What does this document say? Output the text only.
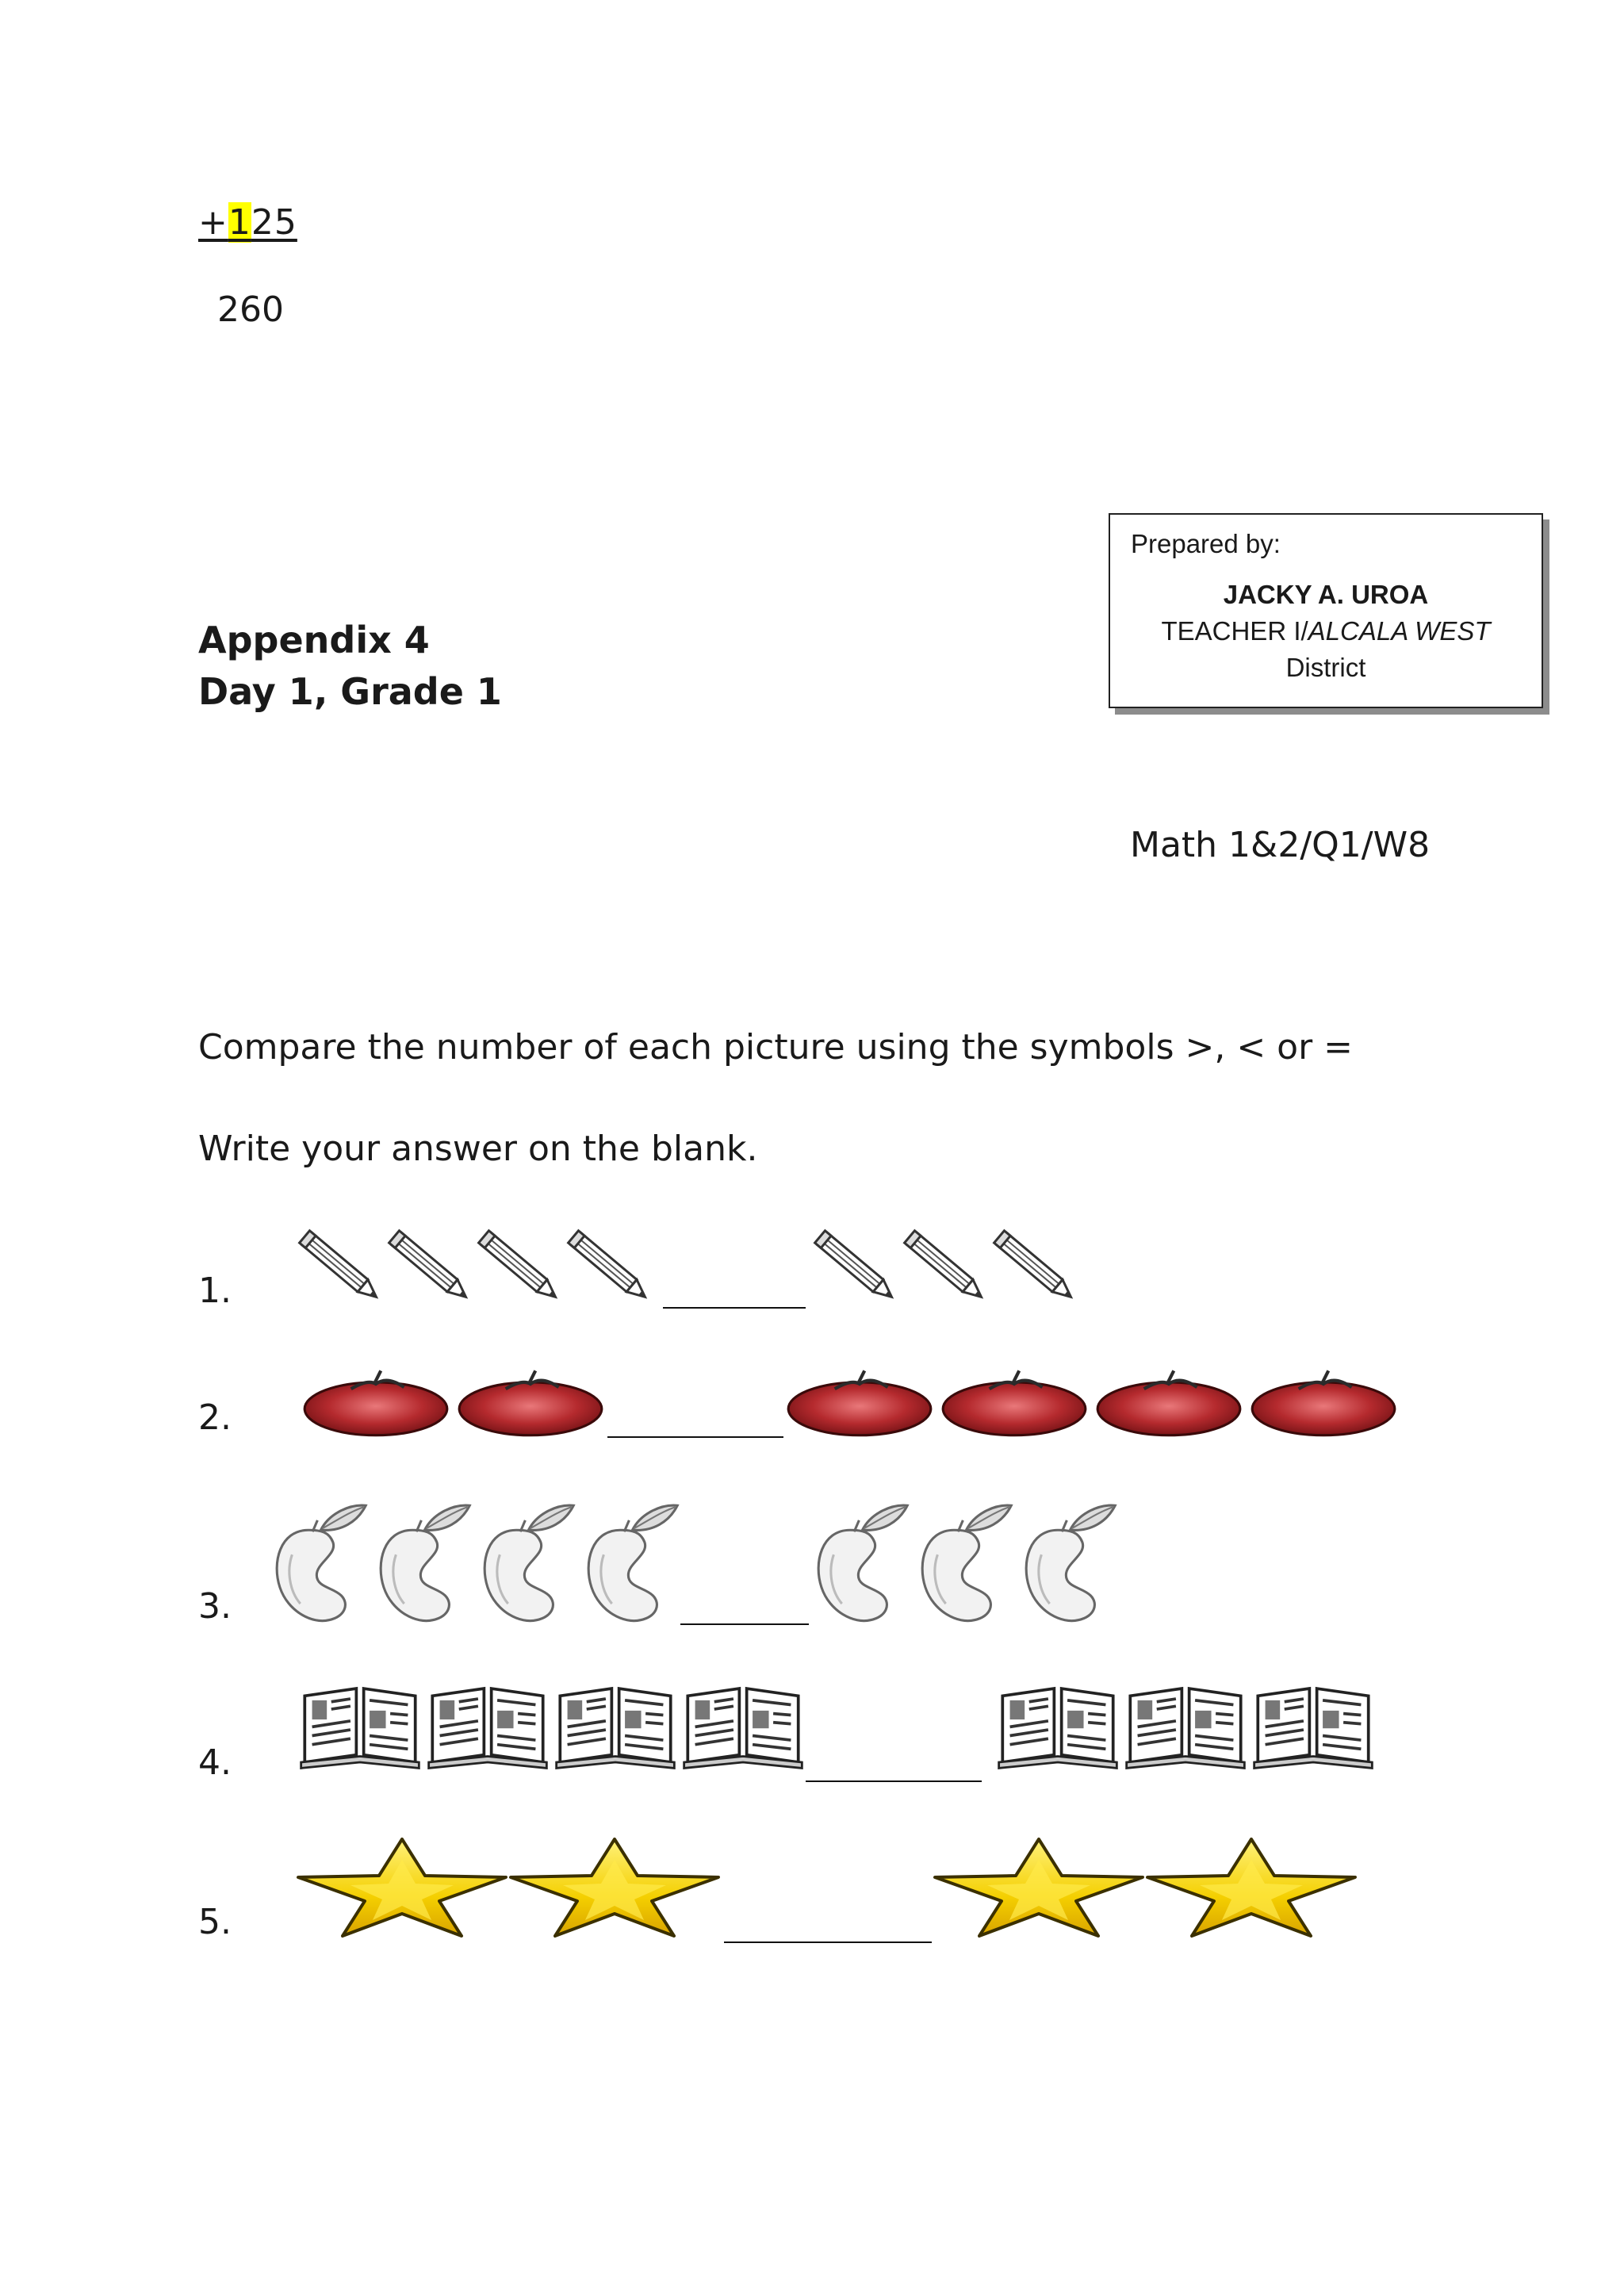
+125
260
Appendix 4
Day 1, Grade 1
Prepared by:
JACKY A. UROA
TEACHER I/ALCALA WEST
District
Math 1&2/Q1/W8
Compare the number of each picture using the symbols >, < or =
Write your answer on the blank.
1.
2.
3.
4.
5.
